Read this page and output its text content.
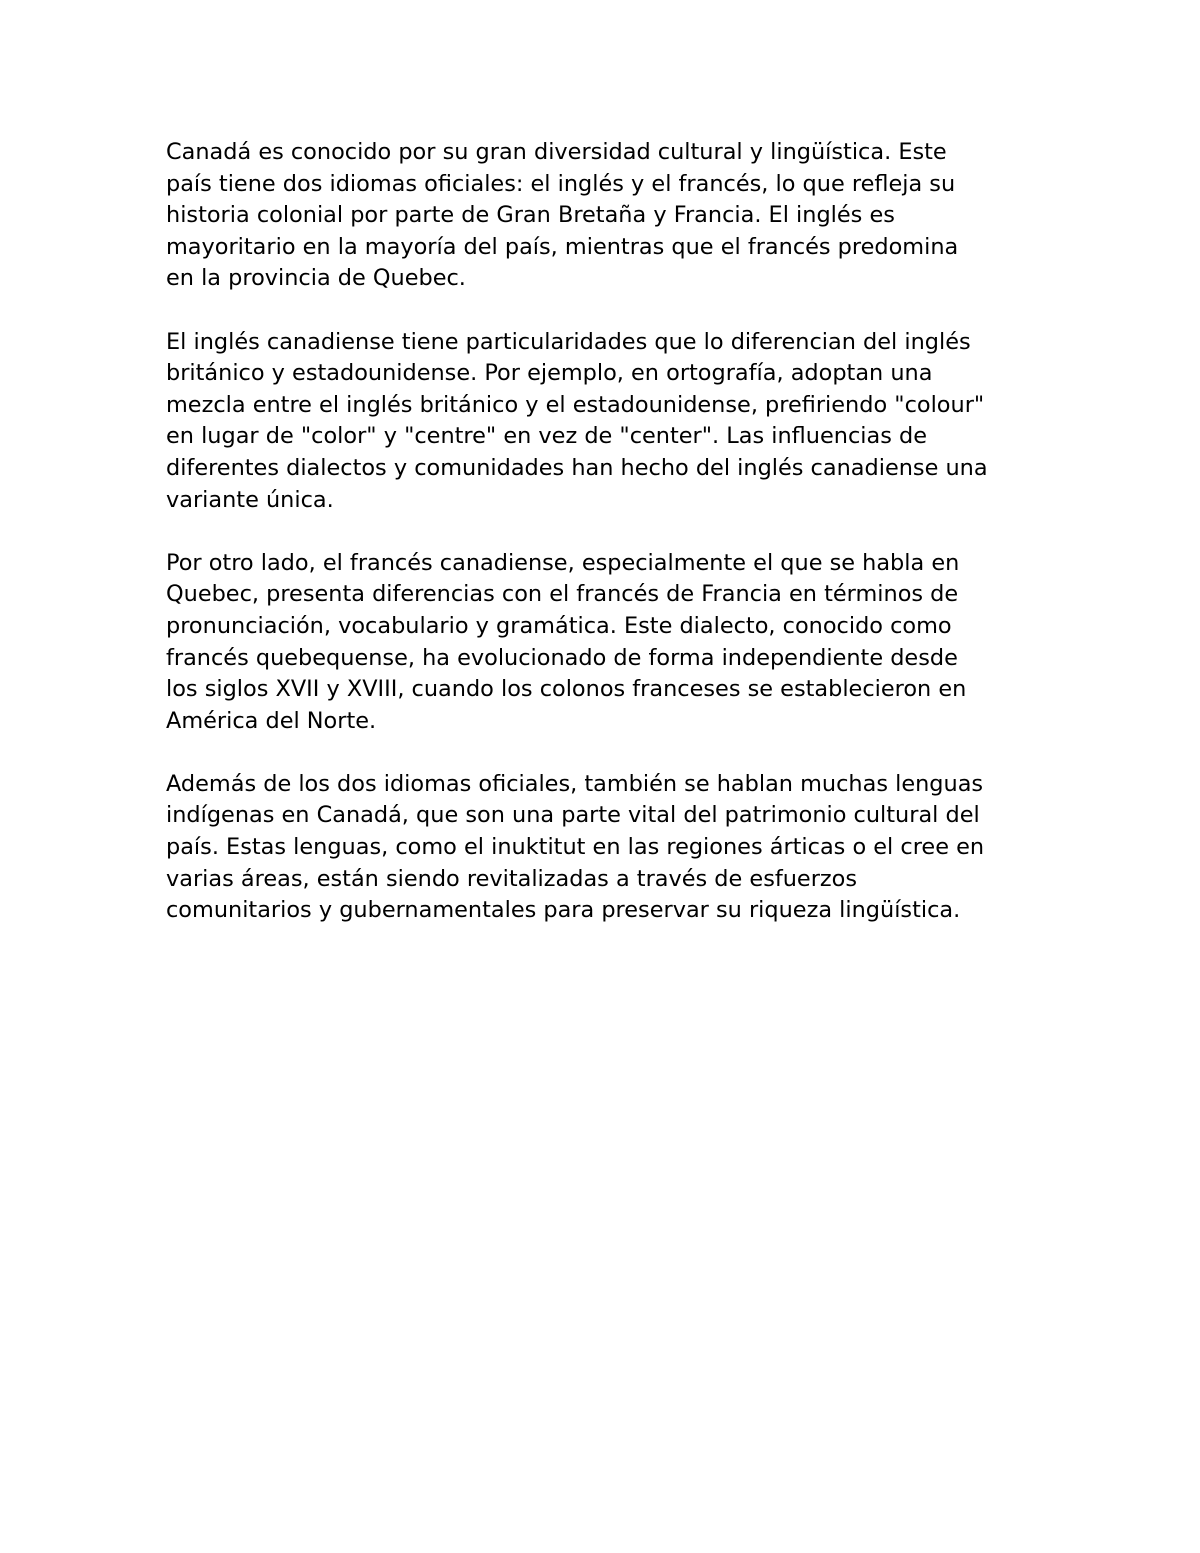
Canadá es conocido por su gran diversidad cultural y lingüística. Este
país tiene dos idiomas oficiales: el inglés y el francés, lo que refleja su
historia colonial por parte de Gran Bretaña y Francia. El inglés es
mayoritario en la mayoría del país, mientras que el francés predomina
en la provincia de Quebec.

El inglés canadiense tiene particularidades que lo diferencian del inglés
británico y estadounidense. Por ejemplo, en ortografía, adoptan una
mezcla entre el inglés británico y el estadounidense, prefiriendo "colour"
en lugar de "color" y "centre" en vez de "center". Las influencias de
diferentes dialectos y comunidades han hecho del inglés canadiense una
variante única.

Por otro lado, el francés canadiense, especialmente el que se habla en
Quebec, presenta diferencias con el francés de Francia en términos de
pronunciación, vocabulario y gramática. Este dialecto, conocido como
francés quebequense, ha evolucionado de forma independiente desde
los siglos XVII y XVIII, cuando los colonos franceses se establecieron en
América del Norte.

Además de los dos idiomas oficiales, también se hablan muchas lenguas
indígenas en Canadá, que son una parte vital del patrimonio cultural del
país. Estas lenguas, como el inuktitut en las regiones árticas o el cree en
varias áreas, están siendo revitalizadas a través de esfuerzos
comunitarios y gubernamentales para preservar su riqueza lingüística.
